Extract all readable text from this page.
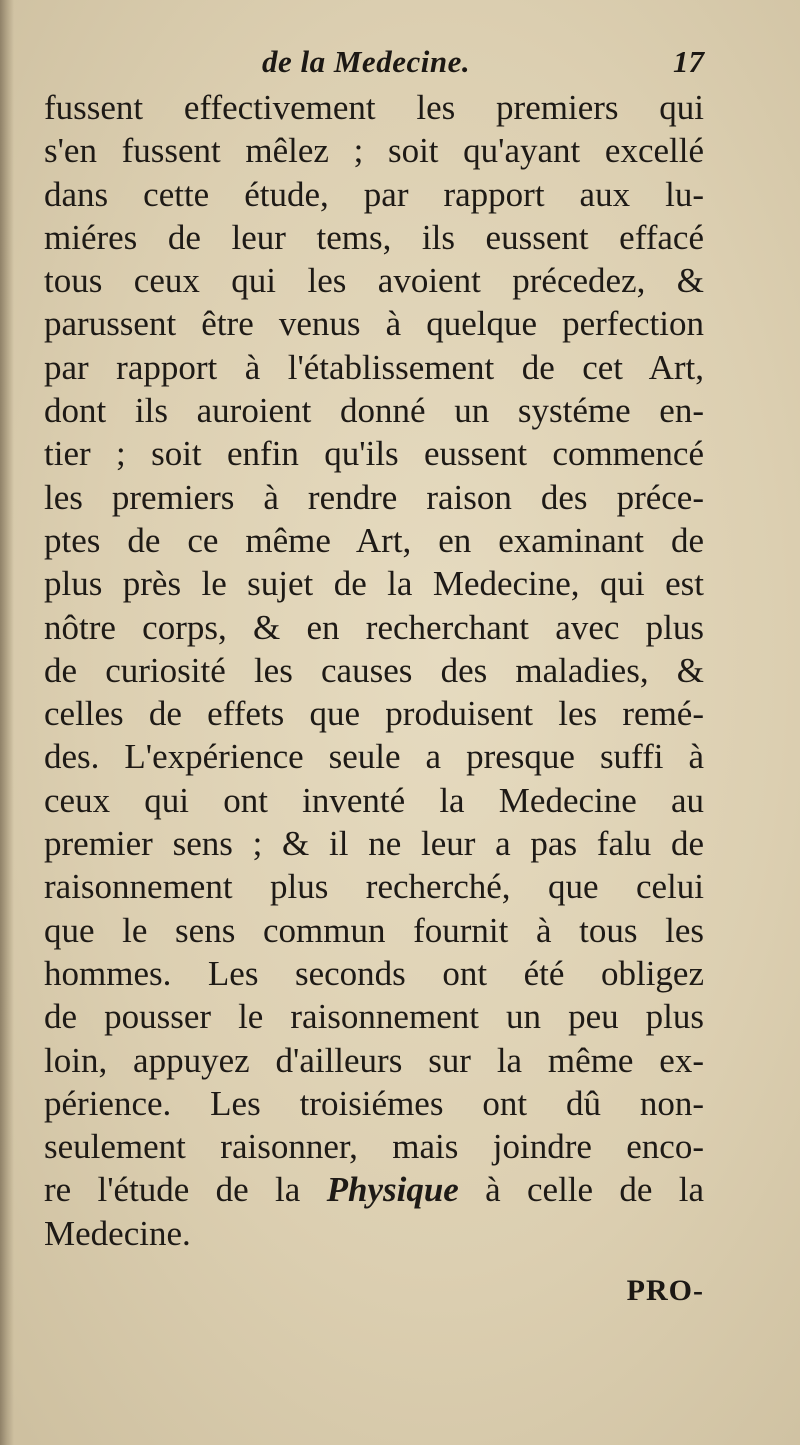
de la Medecine.	17
fussent effectivement les premiers qui
s'en fussent mêlez ; soit qu'ayant excellé
dans cette étude, par rapport aux lu-
miéres de leur tems, ils eussent effacé
tous ceux qui les avoient précedez, &
parussent être venus à quelque perfection
par rapport à l'établissement de cet Art,
dont ils auroient donné un systéme en-
tier ; soit enfin qu'ils eussent commencé
les premiers à rendre raison des préce-
ptes de ce même Art, en examinant de
plus près le sujet de la Medecine, qui est
nôtre corps, & en recherchant avec plus
de curiosité les causes des maladies, &
celles de effets que produisent les remé-
des. L'expérience seule a presque suffi à
ceux qui ont inventé la Medecine au
premier sens ; & il ne leur a pas falu de
raisonnement plus recherché, que celui
que le sens commun fournit à tous les
hommes. Les seconds ont été obligez
de pousser le raisonnement un peu plus
loin, appuyez d'ailleurs sur la même ex-
périence. Les troisiémes ont dû non-
seulement raisonner, mais joindre enco-
re l'étude de la Physique à celle de la
Medecine.
PRO-
